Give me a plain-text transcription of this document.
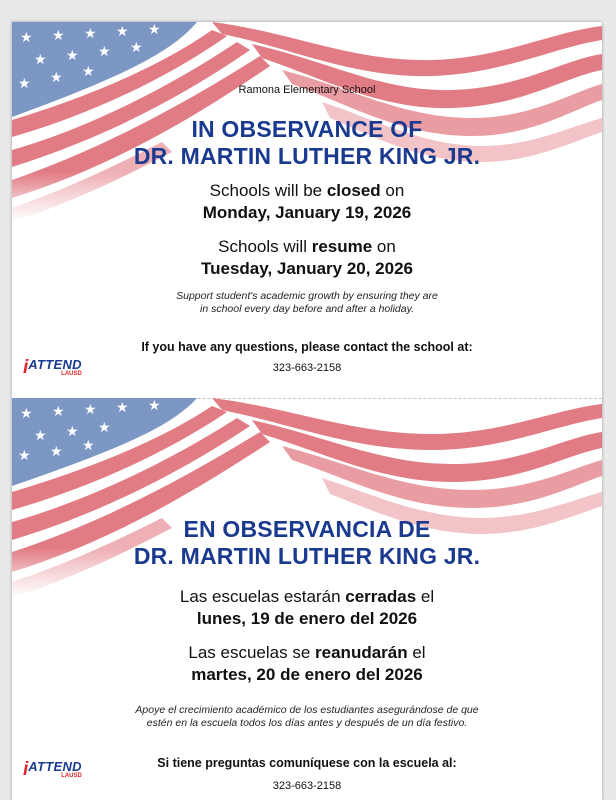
★ ★ ★ ★ ★
★ ★ ★ ★
★ ★ ★
Ramona Elementary School
IN OBSERVANCE OF
DR. MARTIN LUTHER KING JR.
Schools will be closed on
Monday, January 19, 2026
Schools will resume on
Tuesday, January 20, 2026
Support student's academic growth by ensuring they are
in school every day before and after a holiday.
If you have any questions, please contact the school at:
323-663-2158
i ATTEND
LAUSD
★ ★ ★ ★ ★
★ ★ ★
★ ★ ★
EN OBSERVANCIA DE
DR. MARTIN LUTHER KING JR.
Las escuelas estarán cerradas el
lunes, 19 de enero del 2026
Las escuelas se reanudarán el
martes, 20 de enero del 2026
Apoye el crecimiento académico de los estudiantes asegurándose de que
estén en la escuela todos los días antes y después de un día festivo.
Si tiene preguntas comuníquese con la escuela al:
323-663-2158
i ATTEND
LAUSD
